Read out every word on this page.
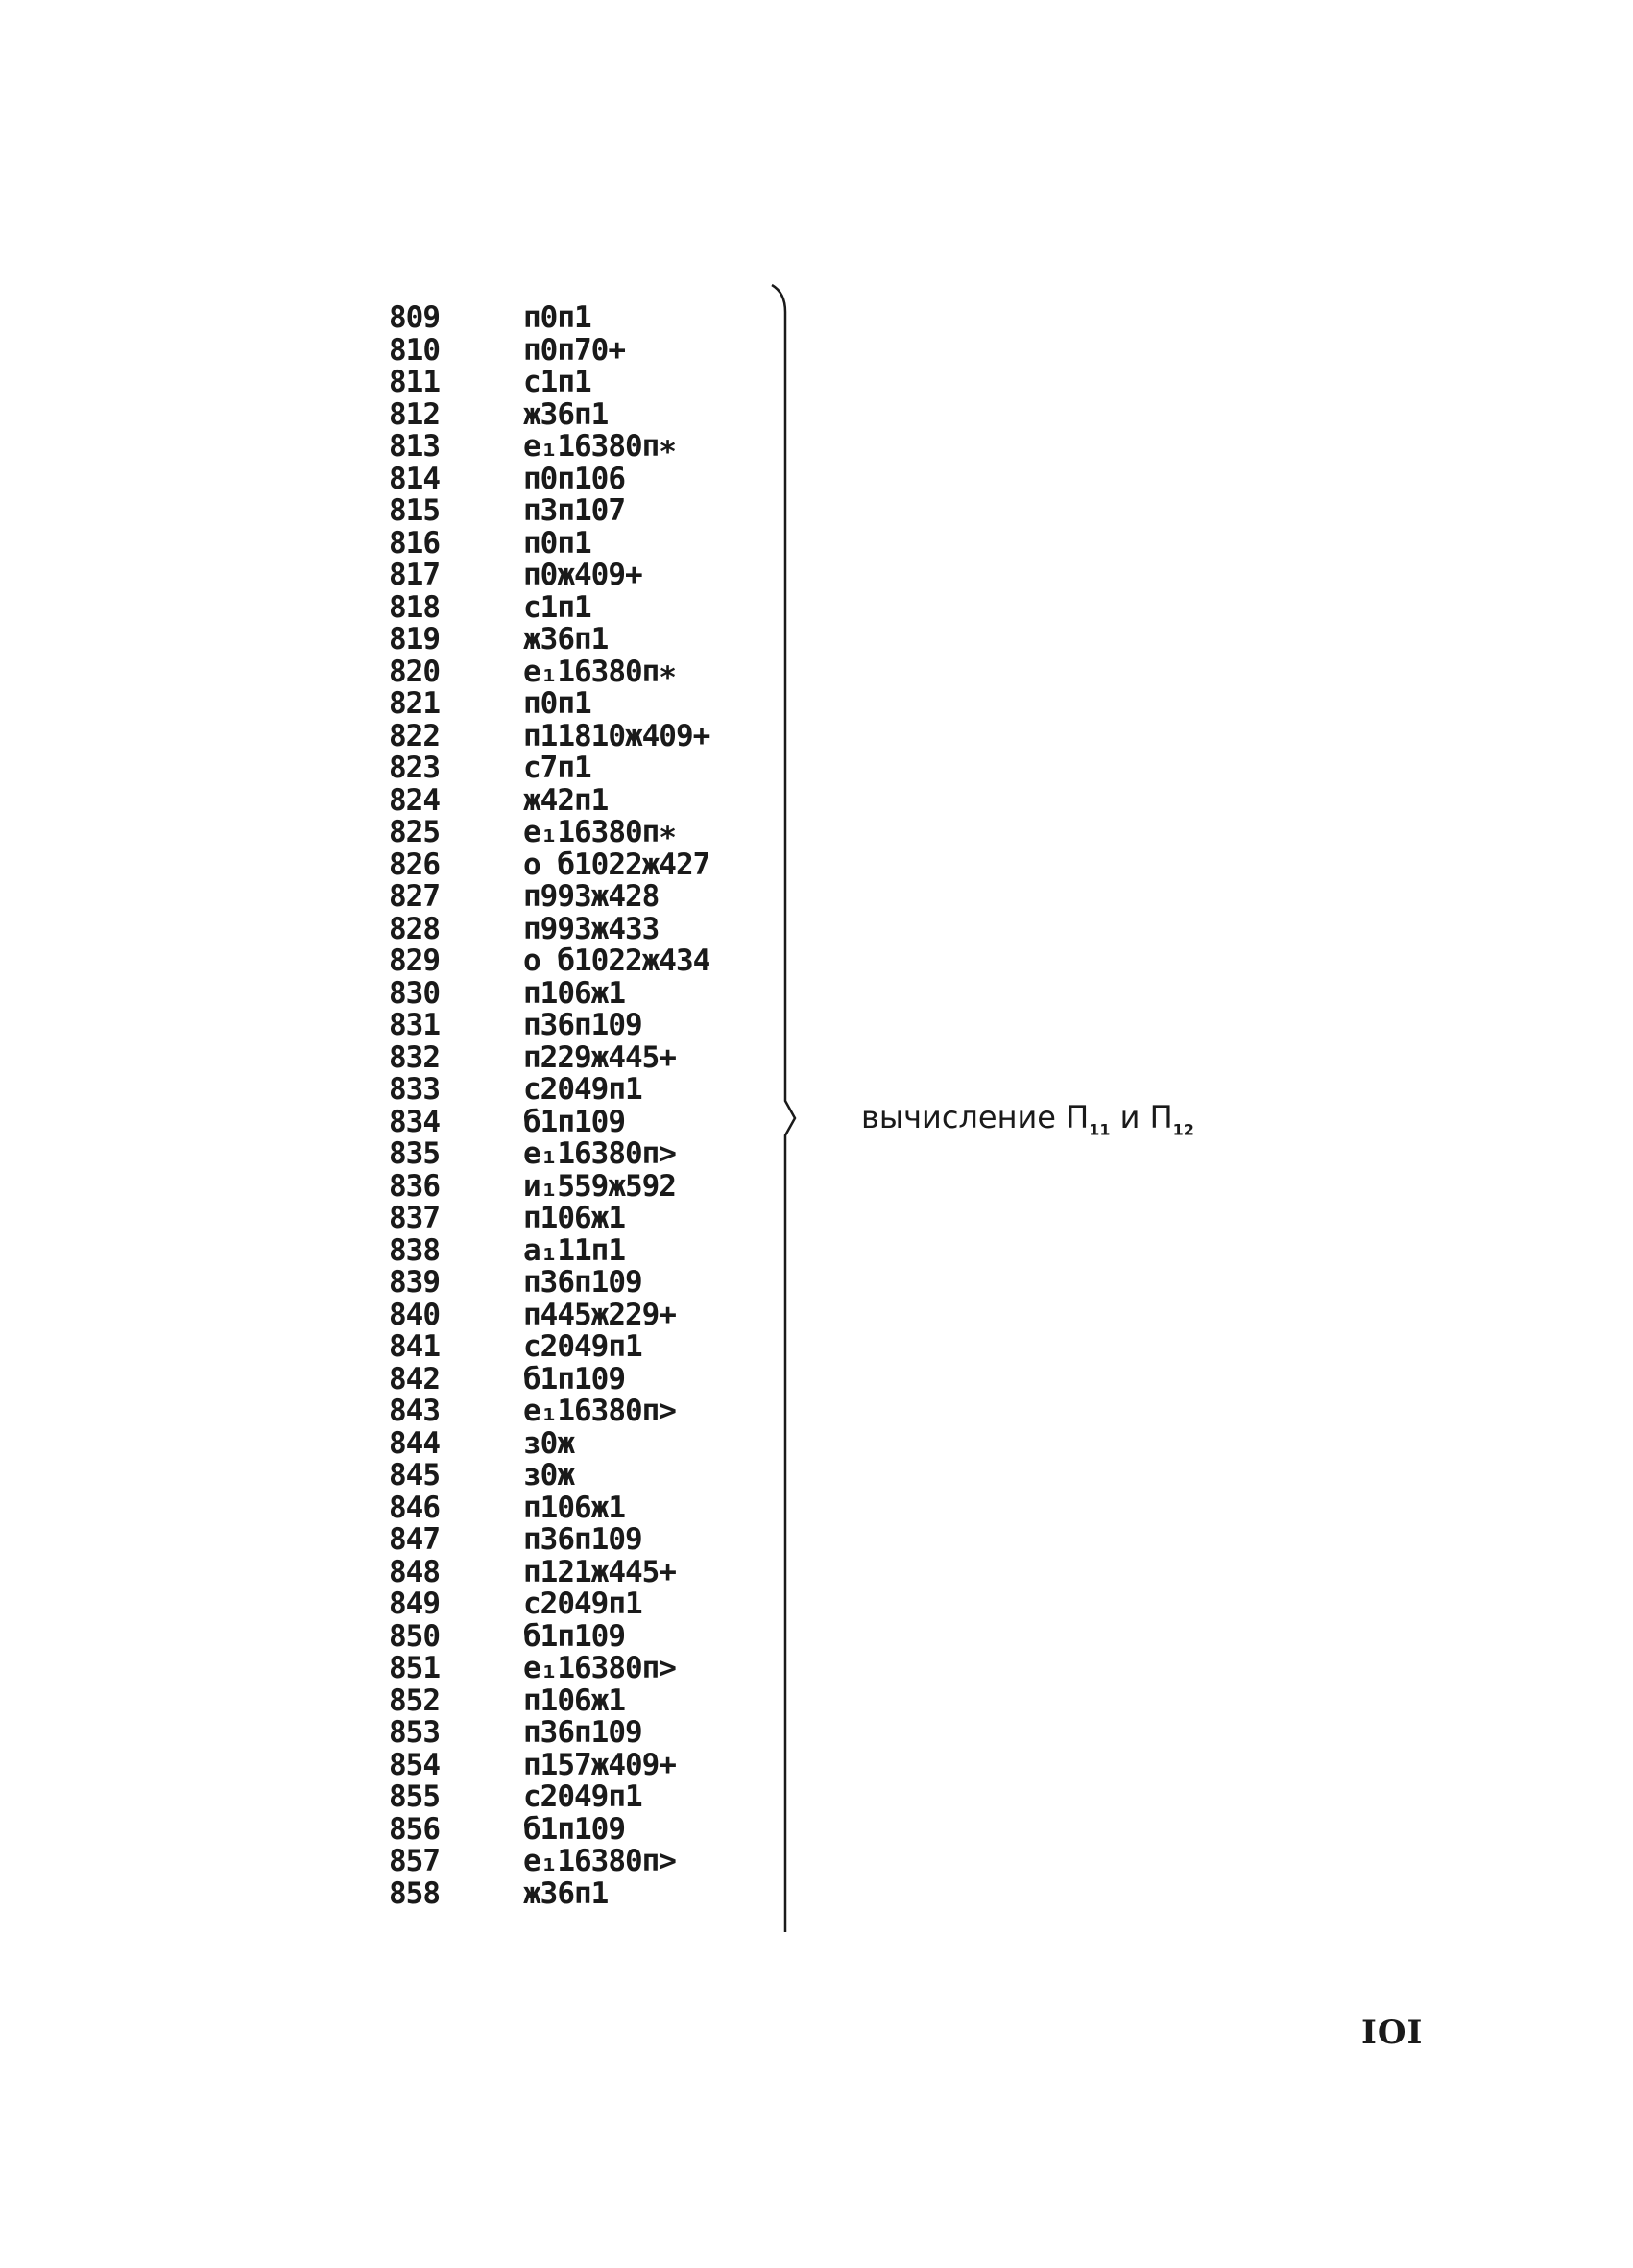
809	п0п1
810	п0п70+
811	с1п1
812	ж36п1
813	е₁16380п∗
814	п0п106
815	п3п107
816	п0п1
817	п0ж409+
818	с1п1
819	ж36п1
820	е₁16380п∗
821	п0п1
822	п11810ж409+
823	с7п1
824	ж42п1
825	е₁16380п∗
826	о б1022ж427
827	п993ж428
828	п993ж433
829	о б1022ж434
830	п106ж1
831	п36п109
832	п229ж445+
833	с2049п1
834	б1п109
835	е₁16380п>
836	и₁559ж592
837	п106ж1
838	а₁11п1
839	п36п109
840	п445ж229+
841	с2049п1
842	б1п109
843	е₁16380п>
844	з0ж
845	з0ж
846	п106ж1
847	п36п109
848	п121ж445+
849	с2049п1
850	б1п109
851	е₁16380п>
852	п106ж1
853	п36п109
854	п157ж409+
855	с2049п1
856	б1п109
857	е₁16380п>
858	ж36п1
вычисление $П_{11}$ и $П_{12}$
IOI
